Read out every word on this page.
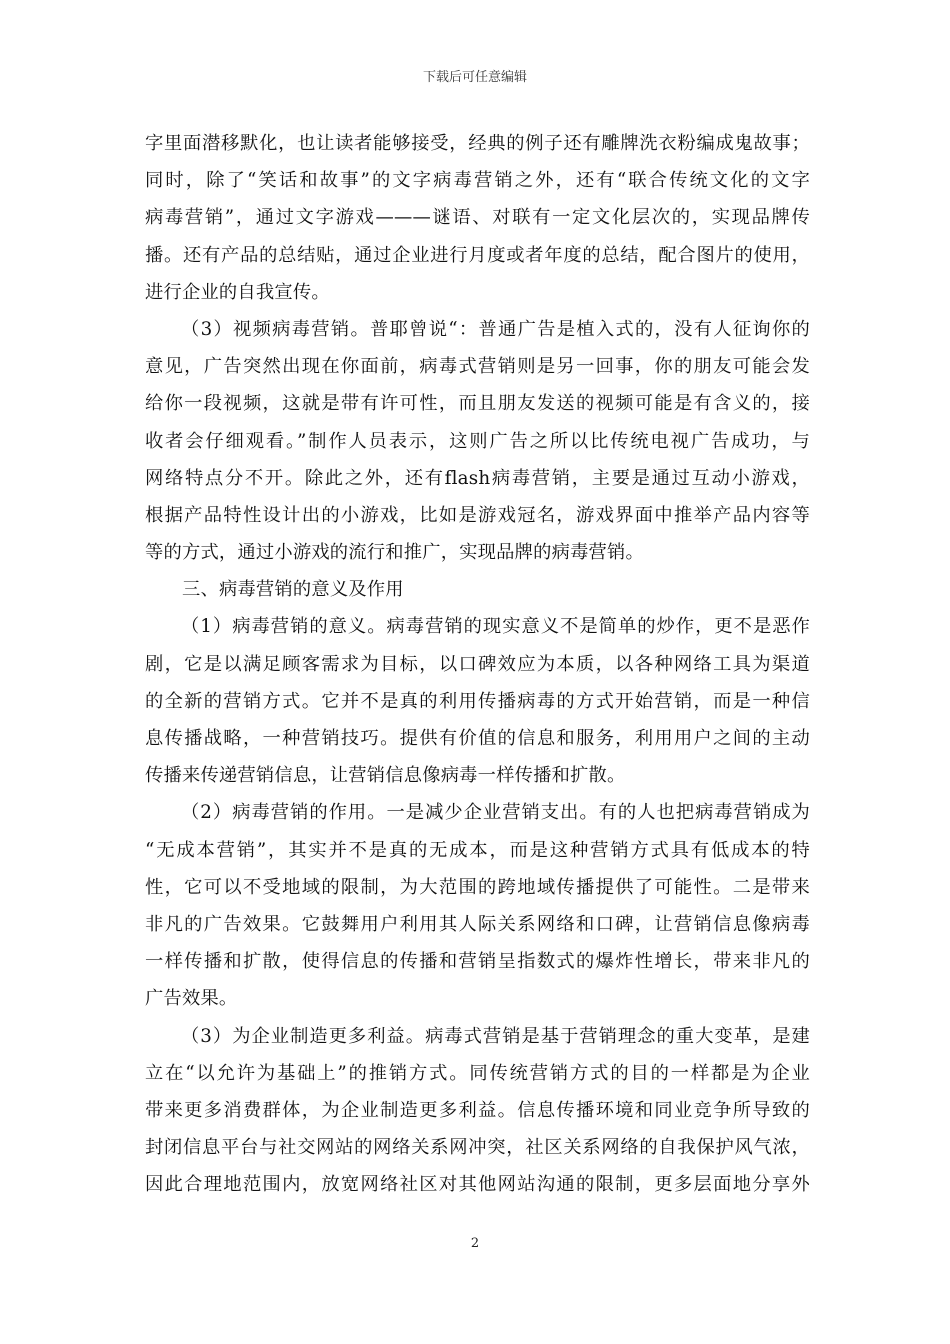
下载后可任意编辑
字里面潜移默化，也让读者能够接受，经典的例子还有雕牌洗衣粉编成鬼故事；
同时，除了“笑话和故事”的文字病毒营销之外，还有“联合传统文化的文字
病毒营销”，通过文字游戏———谜语、对联有一定文化层次的，实现品牌传
播。还有产品的总结贴，通过企业进行月度或者年度的总结，配合图片的使用，
进行企业的自我宣传。
（3）视频病毒营销。普耶曾说“：普通广告是植入式的，没有人征询你的
意见，广告突然出现在你面前，病毒式营销则是另一回事，你的朋友可能会发
给你一段视频，这就是带有许可性，而且朋友发送的视频可能是有含义的，接
收者会仔细观看。”制作人员表示，这则广告之所以比传统电视广告成功，与
网络特点分不开。除此之外，还有flash病毒营销，主要是通过互动小游戏，
根据产品特性设计出的小游戏，比如是游戏冠名，游戏界面中推举产品内容等
等的方式，通过小游戏的流行和推广，实现品牌的病毒营销。
三、病毒营销的意义及作用
（1）病毒营销的意义。病毒营销的现实意义不是简单的炒作，更不是恶作
剧，它是以满足顾客需求为目标，以口碑效应为本质，以各种网络工具为渠道
的全新的营销方式。它并不是真的利用传播病毒的方式开始营销，而是一种信
息传播战略，一种营销技巧。提供有价值的信息和服务，利用用户之间的主动
传播来传递营销信息，让营销信息像病毒一样传播和扩散。
（2）病毒营销的作用。一是减少企业营销支出。有的人也把病毒营销成为
“无成本营销”，其实并不是真的无成本，而是这种营销方式具有低成本的特
性，它可以不受地域的限制，为大范围的跨地域传播提供了可能性。二是带来
非凡的广告效果。它鼓舞用户利用其人际关系网络和口碑，让营销信息像病毒
一样传播和扩散，使得信息的传播和营销呈指数式的爆炸性增长，带来非凡的
广告效果。
（3）为企业制造更多利益。病毒式营销是基于营销理念的重大变革，是建
立在“以允许为基础上”的推销方式。同传统营销方式的目的一样都是为企业
带来更多消费群体，为企业制造更多利益。信息传播环境和同业竞争所导致的
封闭信息平台与社交网站的网络关系网冲突，社区关系网络的自我保护风气浓，
因此合理地范围内，放宽网络社区对其他网站沟通的限制，更多层面地分享外
2
